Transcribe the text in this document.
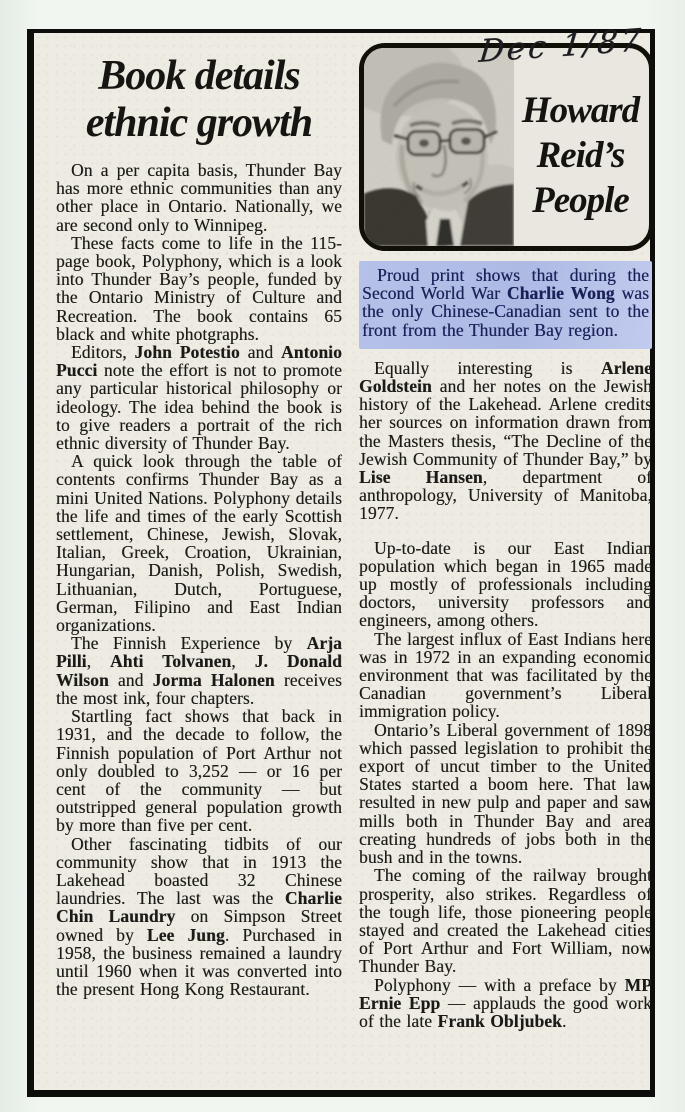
Book details
ethnic growth

On a per capita basis, Thunder Bay has more ethnic communities than any other place in Ontario. Nationally, we are second only to Winnipeg.

These facts come to life in the 115-page book, Polyphony, which is a look into Thunder Bay’s people, funded by the Ontario Ministry of Culture and Recreation. The book contains 65 black and white photgraphs.

Editors, John Potestio and Antonio Pucci note the effort is not to promote any particular historical philosophy or ideology. The idea behind the book is to give readers a portrait of the rich ethnic diversity of Thunder Bay.

A quick look through the table of contents confirms Thunder Bay as a mini United Nations. Polyphony details the life and times of the early Scottish settlement, Chinese, Jewish, Slovak, Italian, Greek, Croation, Ukrainian, Hungarian, Danish, Polish, Swedish, Lithuanian, Dutch, Portuguese, German, Filipino and East Indian organizations.

The Finnish Experience by Arja Pilli, Ahti Tolvanen, J. Donald Wilson and Jorma Halonen receives the most ink, four chapters.

Startling fact shows that back in 1931, and the decade to follow, the Finnish population of Port Arthur not only doubled to 3,252 — or 16 per cent of the community — but outstripped general population growth by more than five per cent.

Other fascinating tidbits of our community show that in 1913 the Lakehead boasted 32 Chinese laundries. The last was the Charlie Chin Laundry on Simpson Street owned by Lee Jung. Purchased in 1958, the business remained a laundry until 1960 when it was converted into the present Hong Kong Restaurant.

Dec 1/87
Howard
Reid’s
People

Proud print shows that during the Second World War Charlie Wong was the only Chinese-Canadian sent to the front from the Thunder Bay region.

Equally interesting is Arlene Goldstein and her notes on the Jewish history of the Lakehead. Arlene credits her sources on information drawn from the Masters thesis, “The Decline of the Jewish Community of Thunder Bay,” by Lise Hansen, department of anthropology, University of Manitoba, 1977.

Up-to-date is our East Indian population which began in 1965 made up mostly of professionals including doctors, university professors and engineers, among others.

The largest influx of East Indians here was in 1972 in an expanding economic environment that was facilitated by the Canadian government’s Liberal immigration policy.

Ontario’s Liberal government of 1898 which passed legislation to prohibit the export of uncut timber to the United States started a boom here. That law resulted in new pulp and paper and saw mills both in Thunder Bay and area creating hundreds of jobs both in the bush and in the towns.

The coming of the railway brought prosperity, also strikes. Regardless of the tough life, those pioneering people stayed and created the Lakehead cities of Port Arthur and Fort William, now Thunder Bay.

Polyphony — with a preface by MP Ernie Epp — applauds the good work of the late Frank Obljubek.
